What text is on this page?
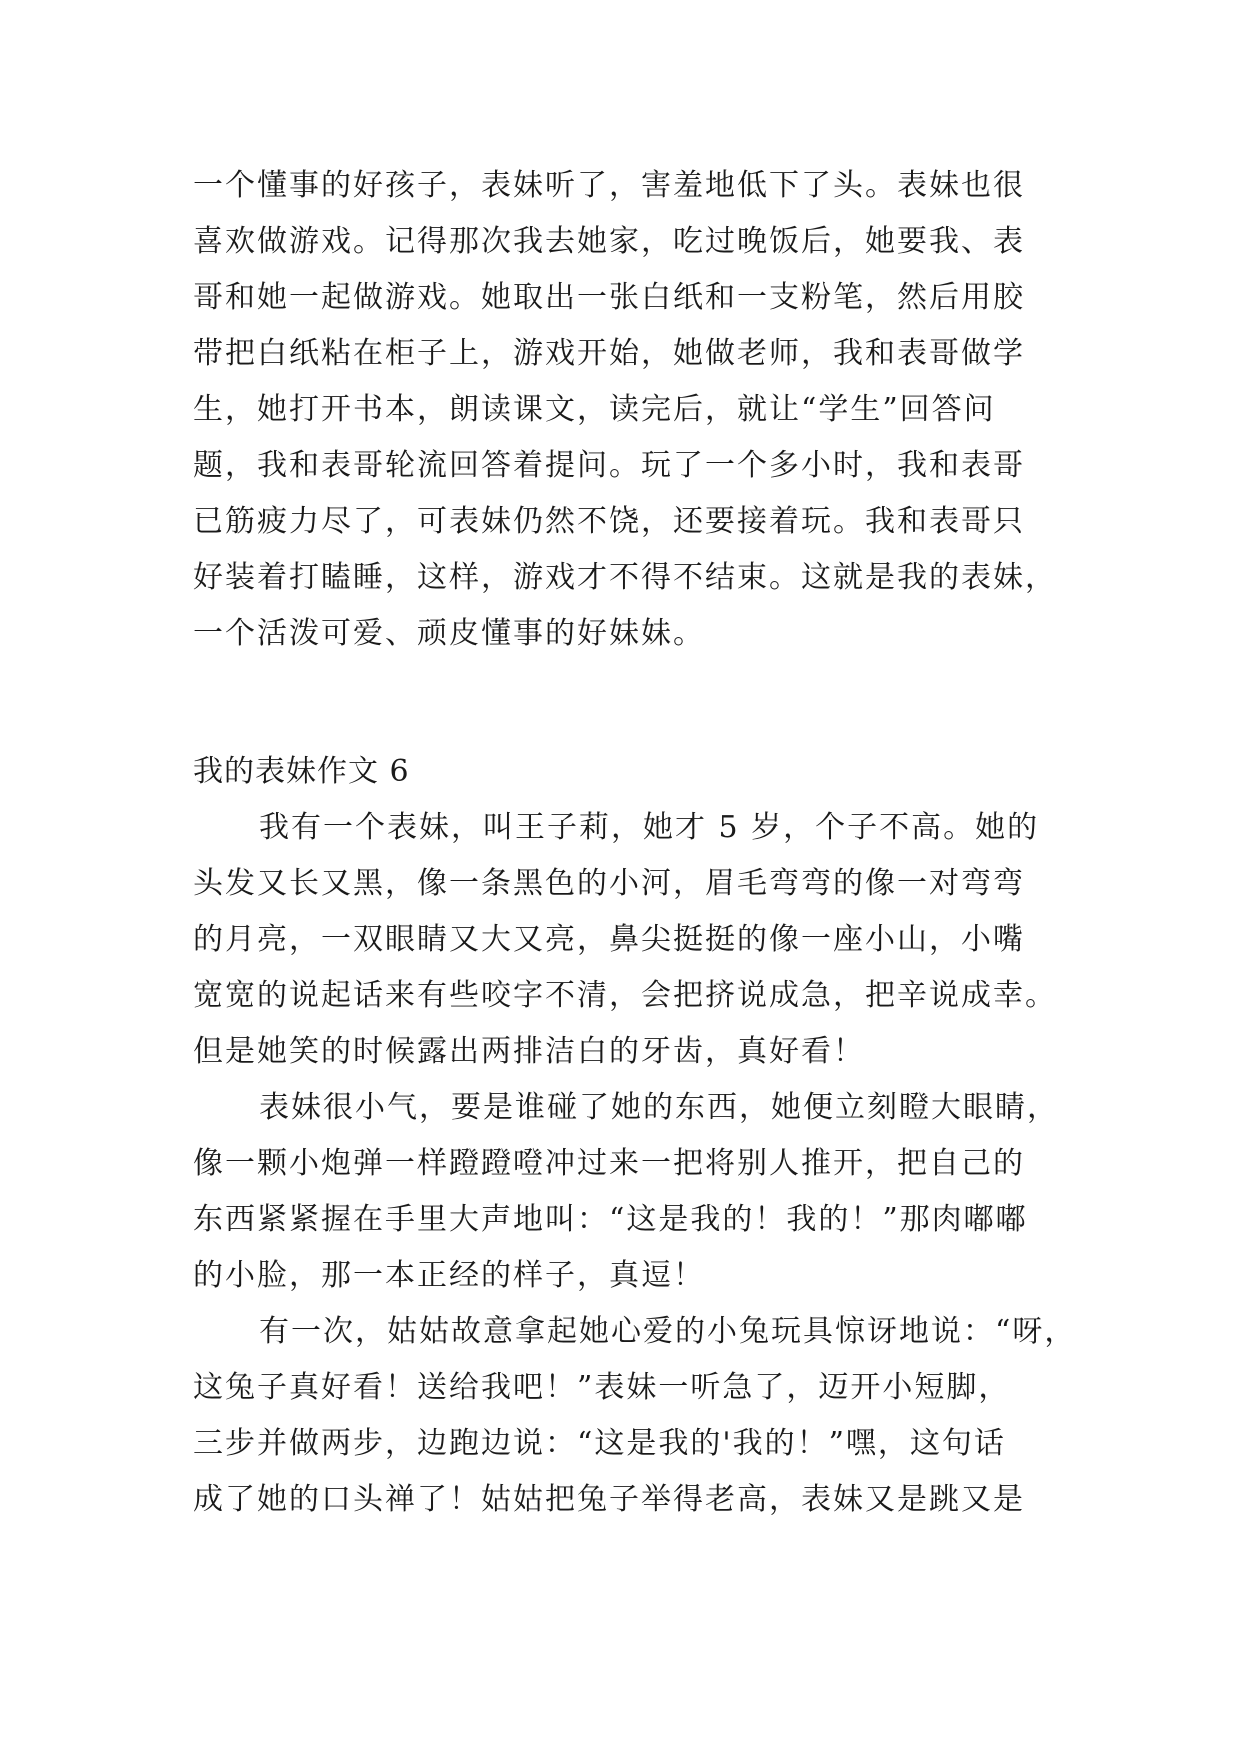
一个懂事的好孩子，表妹听了，害羞地低下了头。表妹也很
喜欢做游戏。记得那次我去她家，吃过晚饭后，她要我、表
哥和她一起做游戏。她取出一张白纸和一支粉笔，然后用胶
带把白纸粘在柜子上，游戏开始，她做老师，我和表哥做学
生，她打开书本，朗读课文，读完后，就让“学生”回答问
题，我和表哥轮流回答着提问。玩了一个多小时，我和表哥
已筋疲力尽了，可表妹仍然不饶，还要接着玩。我和表哥只
好装着打瞌睡，这样，游戏才不得不结束。这就是我的表妹，
一个活泼可爱、顽皮懂事的好妹妹。
我的表妹作文 6
我有一个表妹，叫王子莉，她才 5 岁，个子不高。她的
头发又长又黑，像一条黑色的小河，眉毛弯弯的像一对弯弯
的月亮，一双眼睛又大又亮，鼻尖挺挺的像一座小山，小嘴
宽宽的说起话来有些咬字不清，会把挤说成急，把辛说成幸。
但是她笑的时候露出两排洁白的牙齿，真好看！
表妹很小气，要是谁碰了她的东西，她便立刻瞪大眼睛，
像一颗小炮弹一样蹬蹬噔冲过来一把将别人推开，把自己的
东西紧紧握在手里大声地叫：“这是我的！我的！”那肉嘟嘟
的小脸，那一本正经的样子，真逗！
有一次，姑姑故意拿起她心爱的小兔玩具惊讶地说：“呀，
这兔子真好看！送给我吧！”表妹一听急了，迈开小短脚，
三步并做两步，边跑边说：“这是我的'我的！”嘿，这句话
成了她的口头禅了！姑姑把兔子举得老高，表妹又是跳又是
